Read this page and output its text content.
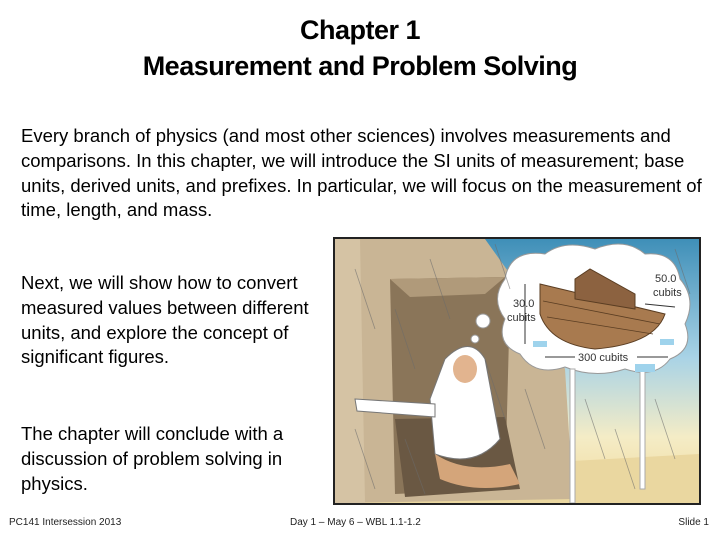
Chapter 1
Measurement and Problem Solving
Every branch of physics (and most other sciences) involves measurements and comparisons. In this chapter, we will introduce the SI units of measurement; base units, derived units, and prefixes. In particular, we will focus on the measurement of time, length, and mass.
Next, we will show how to convert measured values between different units, and explore the concept of significant figures.
The chapter will conclude with a discussion of problem solving in physics.
30.0
cubits
50.0
cubits
300 cubits
PC141 Intersession 2013	Day 1 – May 6 – WBL 1.1-1.2	Slide 1
